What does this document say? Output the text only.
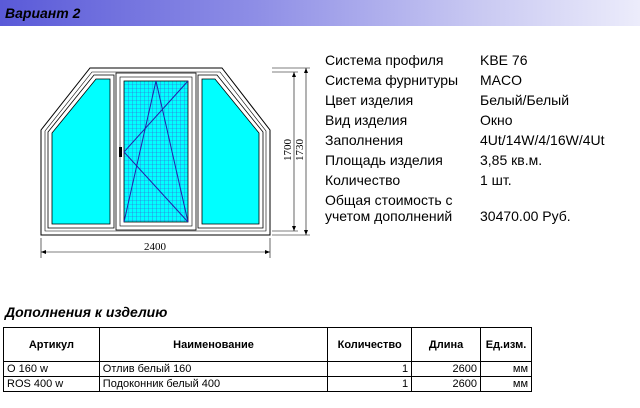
Вариант 2
2400
1700 1730
Система профиля	KBE 76
Система фурнитуры MACO
Цвет изделия	Белый/Белый
Вид изделия	Окно
Заполнения	4Ut/14W/4/16W/4Ut
Площадь изделия	3,85 кв.м.
Количество	1 шт.
Общая стоимость с
учетом дополнений 30470.00 Руб.
Дополнения к изделию
Артикул	Наименование	Количество	Длина	Ед.изм.
О 160 w	Отлив белый 160	1	2600	мм
ROS 400 w	Подоконник белый 400	1	2600	мм
